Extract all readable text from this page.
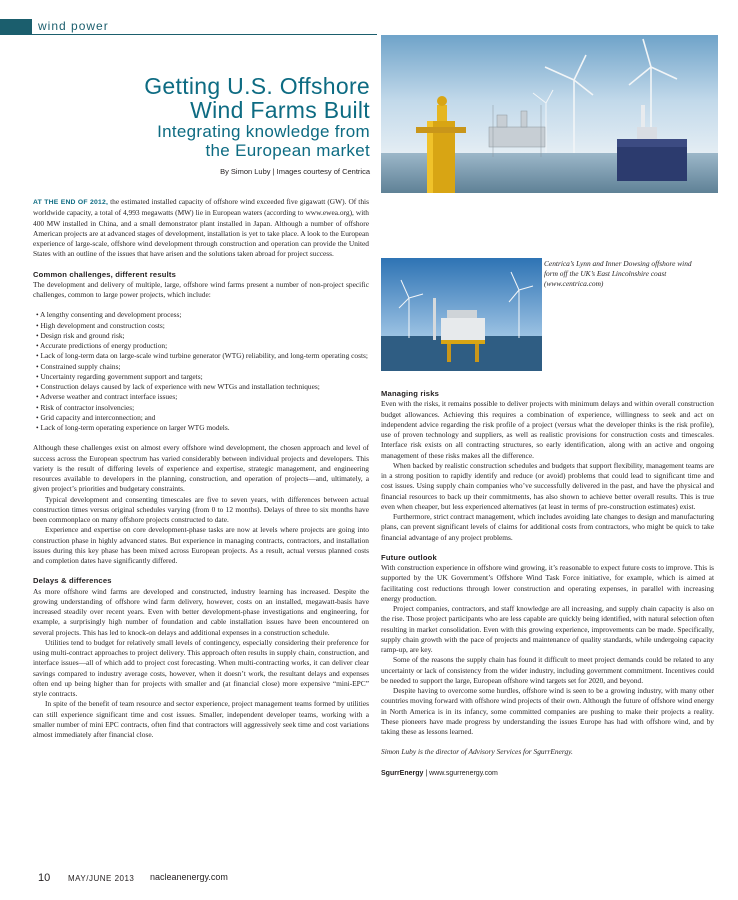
wind power
Getting U.S. Offshore
Wind Farms Built
Integrating knowledge from
the European market
By Simon Luby | Images courtesy of Centrica
Centrica’s Lynn and Inner Dowsing offshore wind form off the UK’s East Lincolnshire coast (www.centrica.com)

AT THE END OF 2012, the estimated installed capacity of offshore wind exceeded five gigawatt (GW). Of this worldwide capacity, a total of 4,993 megawatts (MW) lie in European waters (according to www.ewea.org), with 400 MW installed in China, and a small demonstrator plant installed in Japan. Although a number of offshore American projects are at advanced stages of development, installation is yet to take place. A look to the European experience of large-scale, offshore wind development through construction and operation can provide the United States with an outline of the issues that have arisen and the solutions taken abroad for project success.

Common challenges, different results

The development and delivery of multiple, large, offshore wind farms present a number of non-project specific challenges, common to large power projects, which include:

• A lengthy consenting and development process;
• High development and construction costs;
• Design risk and ground risk;
• Accurate predictions of energy production;
• Lack of long-term data on large-scale wind turbine generator (WTG) reliability, and long-term operating costs;
• Constrained supply chains;
• Uncertainty regarding government support and targets;
• Construction delays caused by lack of experience with new WTGs and installation techniques;
• Adverse weather and contract interface issues;
• Risk of contractor insolvencies;
• Grid capacity and interconnection; and
• Lack of long-term operating experience on larger WTG models.

Although these challenges exist on almost every offshore wind development, the chosen approach and level of success across the European spectrum has varied considerably between individual projects and developers. This variety is the result of differing levels of experience and expertise, strategic management, and engineering resources available to developers in the planning, construction, and operation of projects—and, ultimately, a given project’s priorities and budgetary constraints.

Typical development and consenting timescales are five to seven years, with differences between actual construction times versus original schedules varying (from 0 to 12 months). Delays of three to six months have been commonplace on many offshore projects constructed to date.

Experience and expertise on core development-phase tasks are now at levels where projects are going into construction phase in highly advanced states. But experience in managing contracts, contractors, and installation issues during this key phase has been mixed across European projects. As a result, actual versus planned costs and completion dates have significantly differed.

Delays & differences

As more offshore wind farms are developed and constructed, industry learning has increased. Despite the growing understanding of offshore wind farm delivery, however, costs on an installed, megawatt-basis have increased steadily over recent years. Even with better development-phase investigations and engineering, for example, a surprisingly high number of foundation and cable installation issues have been encountered on several projects. This has led to knock-on delays and additional expenses in a construction schedule.

Utilities tend to budget for relatively small levels of contingency, especially considering their preference for using multi-contract approaches to project delivery. This approach often results in supply chain, construction, and interface issues—all of which add to project cost forecasting. When multi-contracting works, it can deliver clear savings compared to industry average costs, however, when it doesn’t work, the resultant delays and expenses often end up being higher than for projects with smaller and (at financial close) more expensive “mini-EPC” style contracts.

In spite of the benefit of team resource and sector experience, project management teams formed by utilities can still experience significant time and cost issues. Smaller, independent developer teams, working with a smaller number of mini EPC contracts, often find that contractors will aggressively seek time and cost variations almost immediately after financial close.

Managing risks

Even with the risks, it remains possible to deliver projects with minimum delays and within overall construction budget allowances. Achieving this requires a combination of experience, willingness to seek and act on independent advice regarding the risk profile of a project (versus what the developer thinks is the risk profile), use of proven technology and suppliers, as well as realistic provisions for construction costs and timescales. Interface risk exists on all contracting structures, so early identification, along with an active and ongoing management of these risks makes all the difference.

When backed by realistic construction schedules and budgets that support flexibility, management teams are in a strong position to rapidly identify and reduce (or avoid) problems that could lead to significant time and cost issues. Using supply chain companies who’ve successfully delivered in the past, and have the physical and financial resources to back up their commitments, has also shown to achieve better overall results. This is true even when cheaper, but less experienced alternatives (at least in terms of pre-construction estimates) exist.

Furthermore, strict contract management, which includes avoiding late changes to design and manufacturing plans, can prevent significant levels of claims for additional costs from contractors, who might be quick to take financial advantage of any project problems.

Future outlook

With construction experience in offshore wind growing, it’s reasonable to expect future costs to improve. This is supported by the UK Government’s Offshore Wind Task Force initiative, for example, which is aimed at facilitating cost reductions through lower construction and operating expenses, in parallel with increasing energy production.

Project companies, contractors, and staff knowledge are all increasing, and supply chain capacity is also on the rise. Those project participants who are less capable are quickly being identified, with natural selection often resulting in market consolidation. Even with this growing experience, improvements can be made. Specifically, supply chain growth with the pace of projects and maintenance of quality standards, while undergoing capacity ramp-up, are key.

Some of the reasons the supply chain has found it difficult to meet project demands could be related to any uncertainty or lack of consistency from the wider industry, including government commitment. Incentives could be needed to support the large, European offshore wind targets set for 2020, and beyond.

Despite having to overcome some hurdles, offshore wind is seen to be a growing industry, with many other countries moving forward with offshore wind projects of their own. Although the future of offshore wind energy in North America is in its infancy, some committed companies are pushing to make their projects a reality. These pioneers have made progress by understanding the issues Europe has had with offshore wind, and by taking these as lessons learned.

Simon Luby is the director of Advisory Services for SgurrEnergy.

SgurrEnergy | www.sgurrenergy.com

10 MAY/JUNE 2013 nacleanenergy.com
